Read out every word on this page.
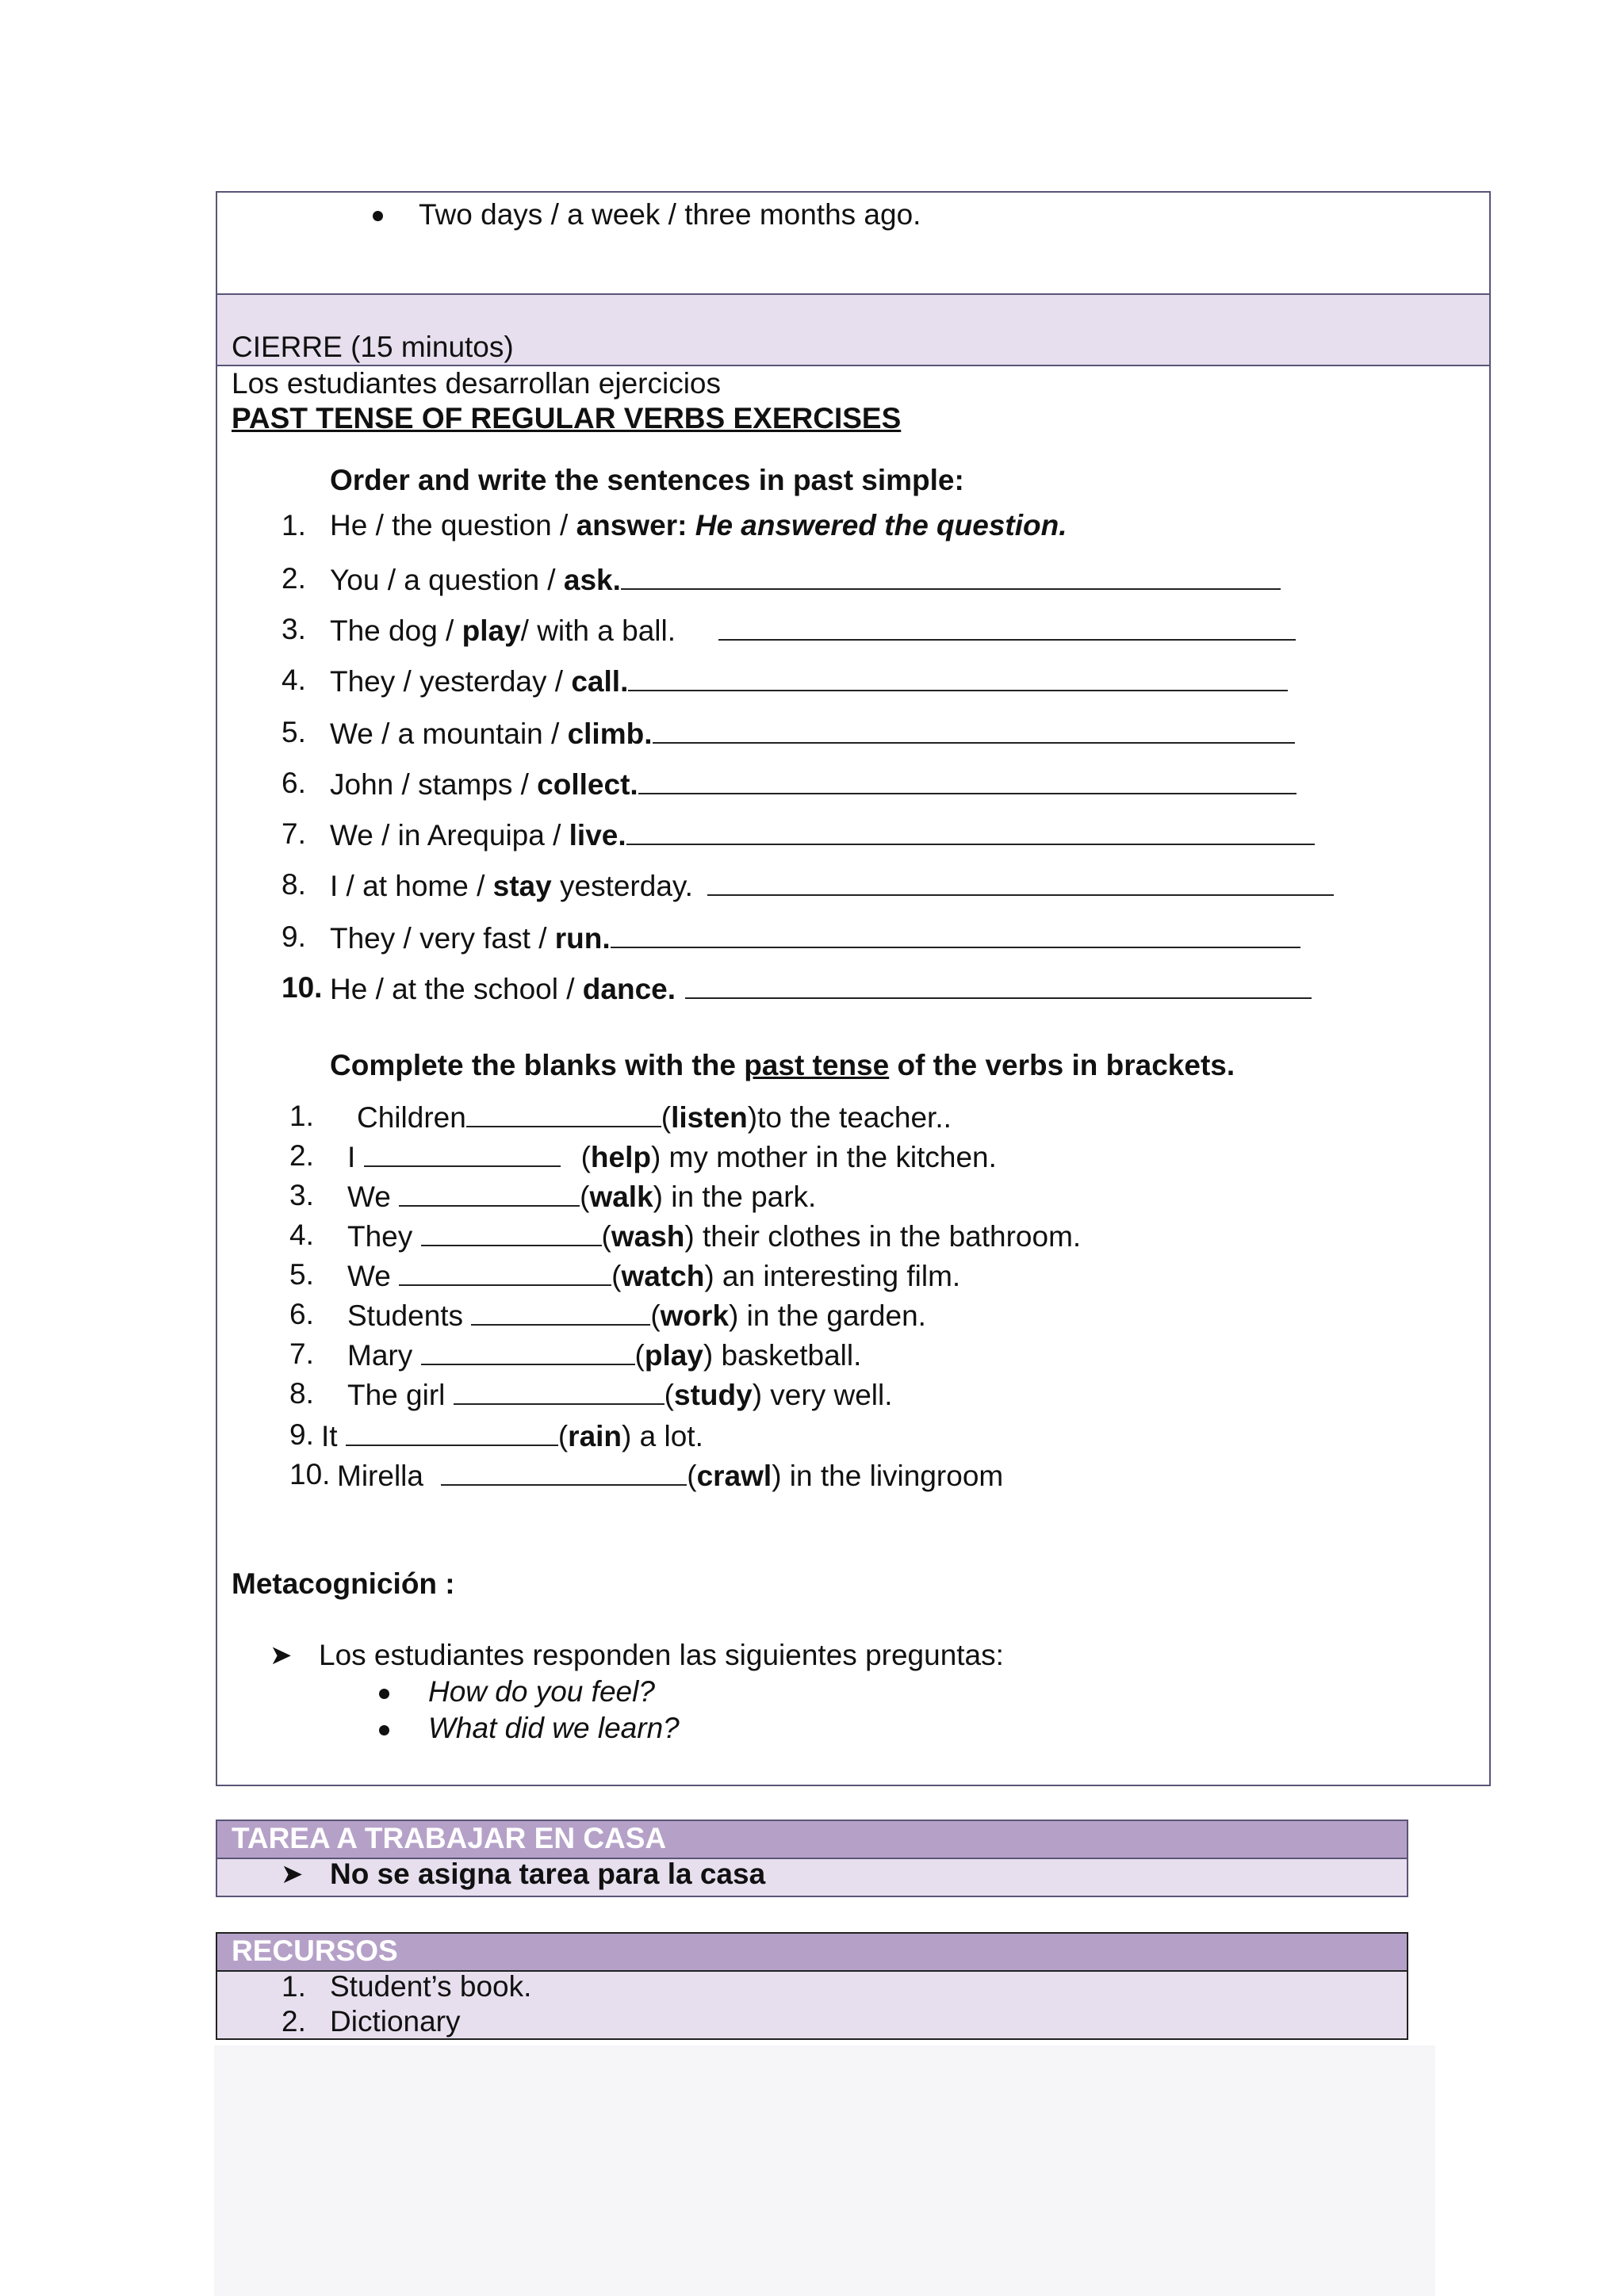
Two days / a week / three months ago.
CIERRE (15 minutos)
Los estudiantes desarrollan ejercicios
PAST TENSE OF REGULAR VERBS EXERCISES
Order and write the sentences in past simple:
1. He / the question / answer: He answered the question.
2. You / a question / ask.
3. The dog / play/ with a ball.
4. They / yesterday / call.
5. We / a mountain / climb.
6. John / stamps / collect.
7. We / in Arequipa / live.
8. I / at home / stay yesterday.
9. They / very fast / run.
10. He / at the school / dance.
Complete the blanks with the past tense of the verbs in brackets.
1. Children	(listen)to the teacher..
2. I	(help) my mother in the kitchen.
3. We	(walk) in the park.
4. They	(wash) their clothes in the bathroom.
5. We	(watch) an interesting film.
6. Students	(work) in the garden.
7. Mary	(play) basketball.
8. The girl	(study) very well.
9. It	(rain) a lot.
10. Mirella	(crawl) in the livingroom
Metacognición :
➤ Los estudiantes responden las siguientes preguntas:
How do you feel?
What did we learn?
TAREA A TRABAJAR EN CASA
➤ No se asigna tarea para la casa
RECURSOS
1. Student’s book.
2. Dictionary
